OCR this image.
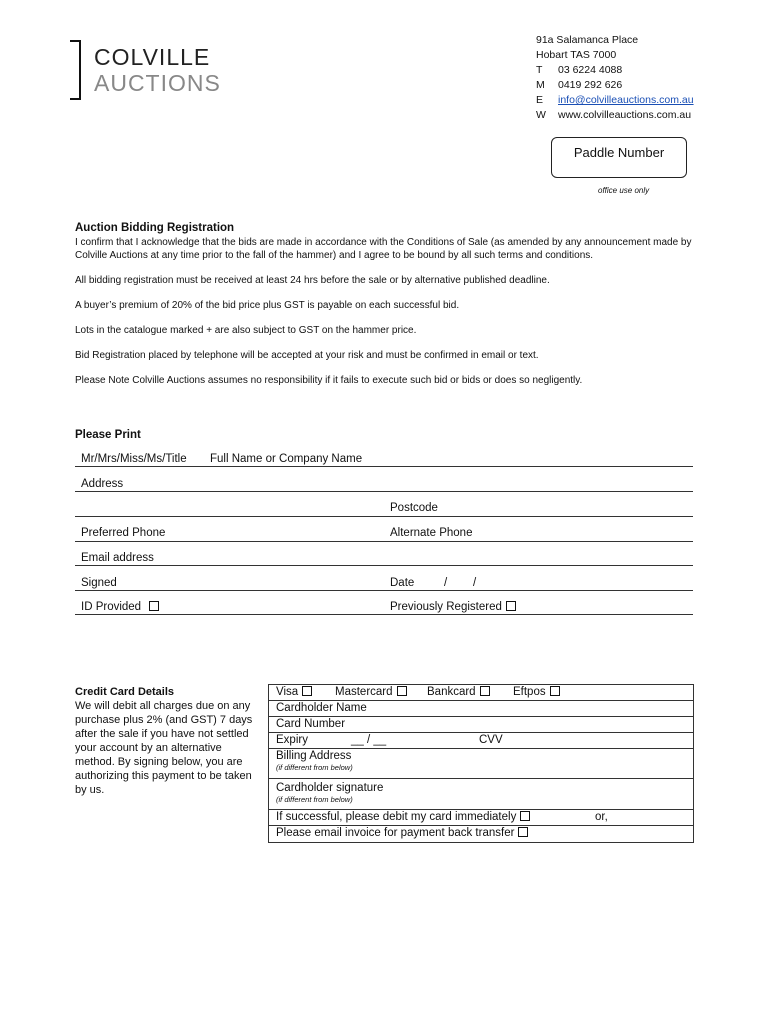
COLVILLE
AUCTIONS
91a Salamanca Place
Hobart TAS 7000
T 03 6224 4088
M 0419 292 626
E info@colvilleauctions.com.au
W www.colvilleauctions.com.au
Paddle Number
office use only
Auction Bidding Registration
I confirm that I acknowledge that the bids are made in accordance with the Conditions of Sale (as amended by any announcement made by Colville Auctions at any time prior to the fall of the hammer) and I agree to be bound by all such terms and conditions.
All bidding registration must be received at least 24 hrs before the sale or by alternative published deadline.
A buyer’s premium of 20% of the bid price plus GST is payable on each successful bid.
Lots in the catalogue marked + are also subject to GST on the hammer price.
Bid Registration placed by telephone will be accepted at your risk and must be confirmed in email or text.
Please Note Colville Auctions assumes no responsibility if it fails to execute such bid or bids or does so negligently.
Please Print
Mr/Mrs/Miss/Ms/Title Full Name or Company Name
Address
Postcode
Preferred Phone	Alternate Phone
Email address
Signed	Date	/ /
ID Provided	Previously Registered
Credit Card Details
We will debit all charges due on any purchase plus 2% (and GST) 7 days after the sale if you have not settled your account by an alternative method. By signing below, you are authorizing this payment to be taken by us.
Visa	Mastercard	Bankcard	Eftpos
Cardholder Name
Card Number
Expiry	__ / __	CVV
Billing Address
(if different from below)
Cardholder signature
(if different from below)
If successful, please debit my card immediately	or,
Please email invoice for payment back transfer
